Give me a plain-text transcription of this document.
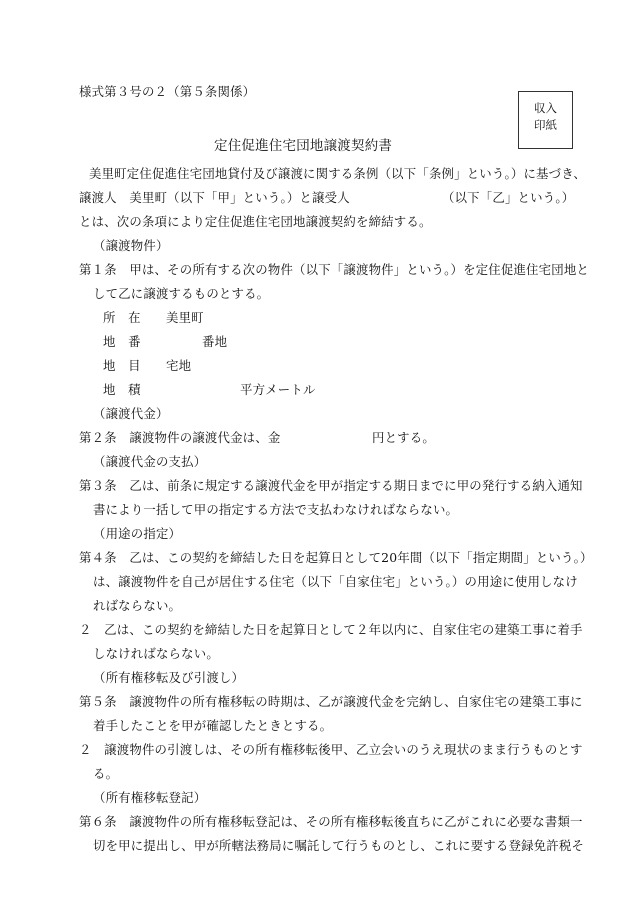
様式第３号の２（第５条関係）
収入
印紙
定住促進住宅団地譲渡契約書
美里町定住促進住宅団地貸付及び譲渡に関する条例（以下「条例」という。）に基づき、
譲渡人　美里町（以下「甲」という。）と譲受人	（以下「乙」という。）
とは、次の条項により定住促進住宅団地譲渡契約を締結する。
（譲渡物件）
第１条　甲は、その所有する次の物件（以下「譲渡物件」という。）を定住促進住宅団地と
して乙に譲渡するものとする。
所　在 美里町
地　番	番地
地　目 宅地
地　積	平方メートル
（譲渡代金）
第２条　譲渡物件の譲渡代金は、金	円とする。
（譲渡代金の支払）
第３条　乙は、前条に規定する譲渡代金を甲が指定する期日までに甲の発行する納入通知
書により一括して甲の指定する方法で支払わなければならない。
（用途の指定）
第４条　乙は、この契約を締結した日を起算日として20年間（以下「指定期間」という。）
は、譲渡物件を自己が居住する住宅（以下「自家住宅」という。）の用途に使用しなけ
ればならない。
２　乙は、この契約を締結した日を起算日として２年以内に、自家住宅の建築工事に着手
しなければならない。
（所有権移転及び引渡し）
第５条　譲渡物件の所有権移転の時期は、乙が譲渡代金を完納し、自家住宅の建築工事に
着手したことを甲が確認したときとする。
２　譲渡物件の引渡しは、その所有権移転後甲、乙立会いのうえ現状のまま行うものとす
る。
（所有権移転登記）
第６条　譲渡物件の所有権移転登記は、その所有権移転後直ちに乙がこれに必要な書類一
切を甲に提出し、甲が所轄法務局に嘱託して行うものとし、これに要する登録免許税そ
